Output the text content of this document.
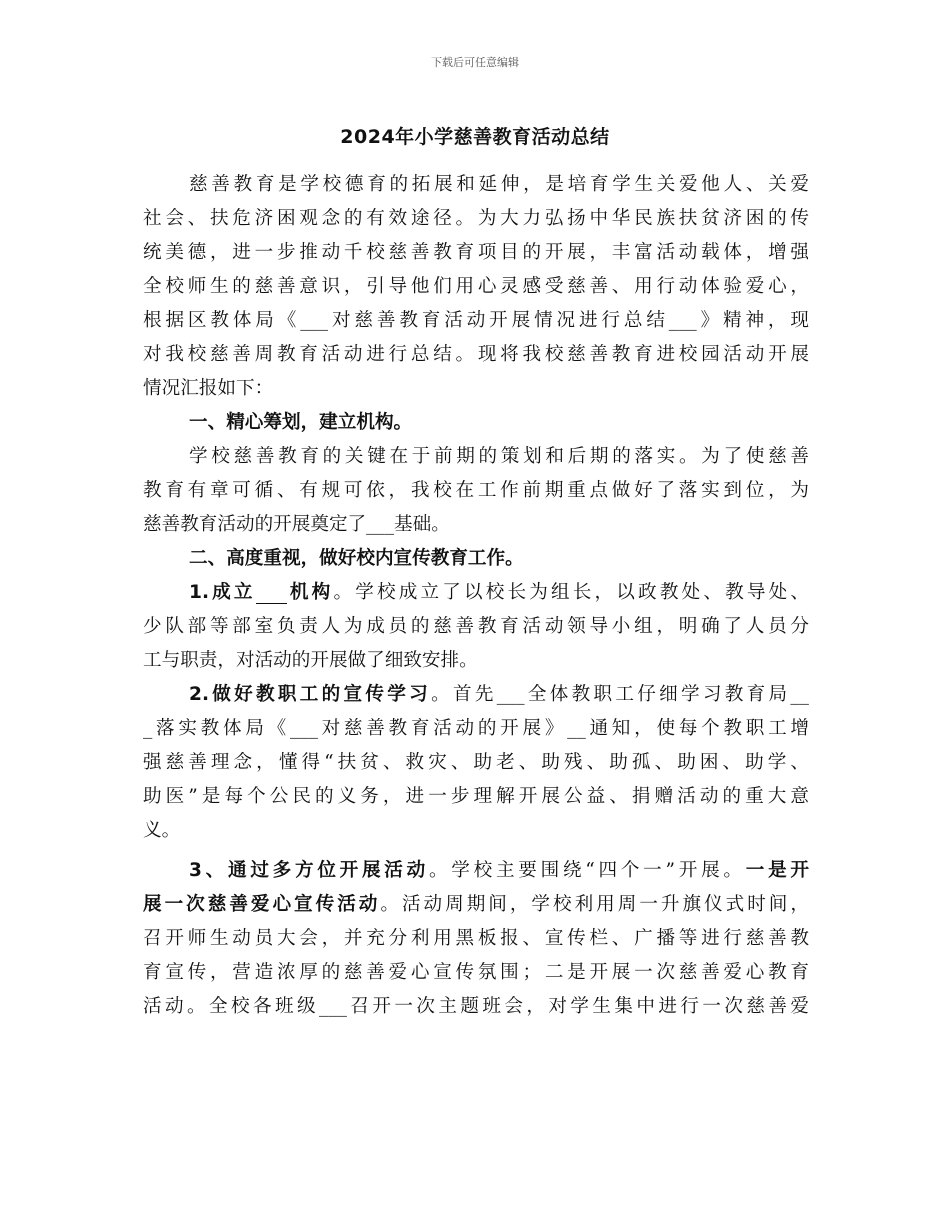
下载后可任意编辑
2024年小学慈善教育活动总结
慈善教育是学校德育的拓展和延伸，是培育学生关爱他人、关爱
社会、扶危济困观念的有效途径。为大力弘扬中华民族扶贫济困的传
统美德，进一步推动千校慈善教育项目的开展，丰富活动载体，增强
全校师生的慈善意识，引导他们用心灵感受慈善、用行动体验爱心，
根据区教体局《___对慈善教育活动开展情况进行总结___》精神，现
对我校慈善周教育活动进行总结。现将我校慈善教育进校园活动开展
情况汇报如下：
一、精心筹划，建立机构。
学校慈善教育的关键在于前期的策划和后期的落实。为了使慈善
教育有章可循、有规可依，我校在工作前期重点做好了落实到位，为
慈善教育活动的开展奠定了___基础。
二、高度重视，做好校内宣传教育工作。
1.成立　  机构。学校成立了以校长为组长，以政教处、教导处、
少队部等部室负责人为成员的慈善教育活动领导小组，明确了人员分
工与职责，对活动的开展做了细致安排。
2.做好教职工的宣传学习。首先___全体教职工仔细学习教育局__
_落实教体局《___对慈善教育活动的开展》__通知，使每个教职工增
强慈善理念，懂得“扶贫、救灾、助老、助残、助孤、助困、助学、
助医”是每个公民的义务，进一步理解开展公益、捐赠活动的重大意
义。
3、通过多方位开展活动。学校主要围绕“四个一”开展。一是开
展一次慈善爱心宣传活动。活动周期间，学校利用周一升旗仪式时间，
召开师生动员大会，并充分利用黑板报、宣传栏、广播等进行慈善教
育宣传，营造浓厚的慈善爱心宣传氛围；二是开展一次慈善爱心教育
活动。全校各班级___召开一次主题班会，对学生集中进行一次慈善爱
